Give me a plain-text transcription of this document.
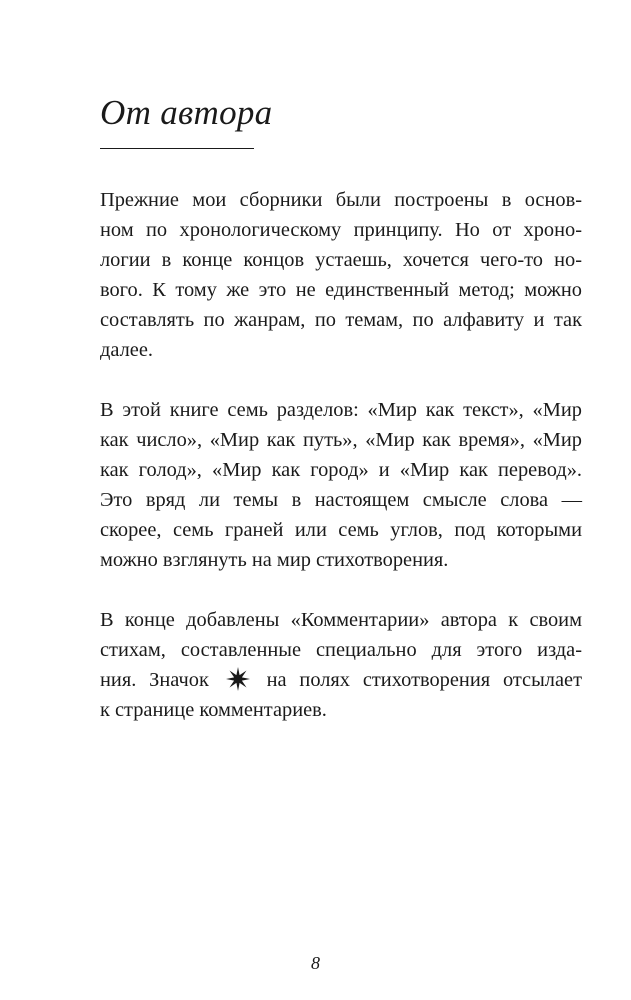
От автора

Прежние мои сборники были построены в основ-
ном по хронологическому принципу. Но от хроно-
логии в конце концов устаешь, хочется чего-то но-
вого. К тому же это не единственный метод; можно
составлять по жанрам, по темам, по алфавиту и так
далее.

В этой книге семь разделов: «Мир как текст», «Мир
как число», «Мир как путь», «Мир как время», «Мир
как голод», «Мир как город» и «Мир как перевод».
Это вряд ли темы в настоящем смысле слова —
скорее, семь граней или семь углов, под которыми
можно взглянуть на мир стихотворения.

В конце добавлены «Комментарии» автора к своим
стихам, составленные специально для этого изда-
ния. Значок	на полях стихотворения отсылает
к странице комментариев.

8
